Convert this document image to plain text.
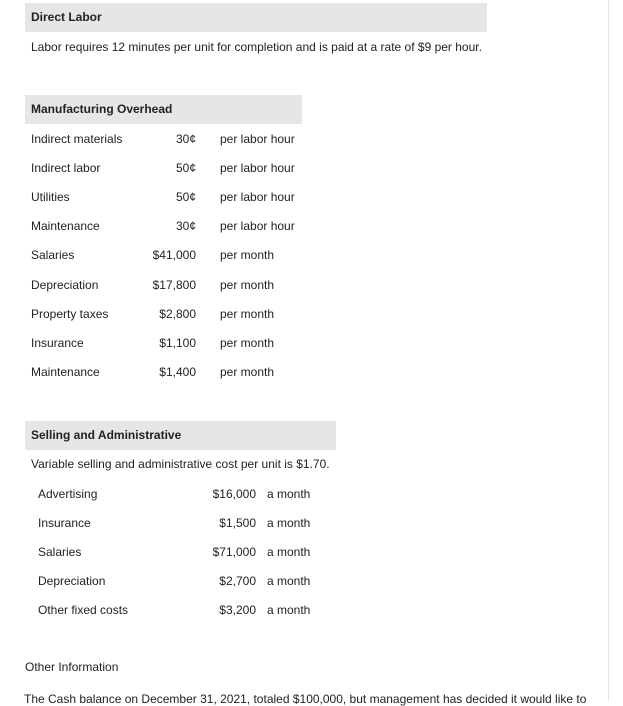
Direct Labor
Labor requires 12 minutes per unit for completion and is paid at a rate of $9 per hour.
Manufacturing Overhead
Indirect materials	30¢ per labor hour
Indirect labor	50¢ per labor hour
Utilities	50¢ per labor hour
Maintenance	30¢ per labor hour
Salaries	$41,000 per month
Depreciation	$17,800 per month
Property taxes	$2,800 per month
Insurance	$1,100 per month
Maintenance	$1,400 per month
Selling and Administrative
Variable selling and administrative cost per unit is $1.70.
Advertising	$16,000 a month
Insurance	$1,500 a month
Salaries	$71,000 a month
Depreciation	$2,700 a month
Other fixed costs	$3,200 a month
Other Information
The Cash balance on December 31, 2021, totaled $100,000, but management has decided it would like to
